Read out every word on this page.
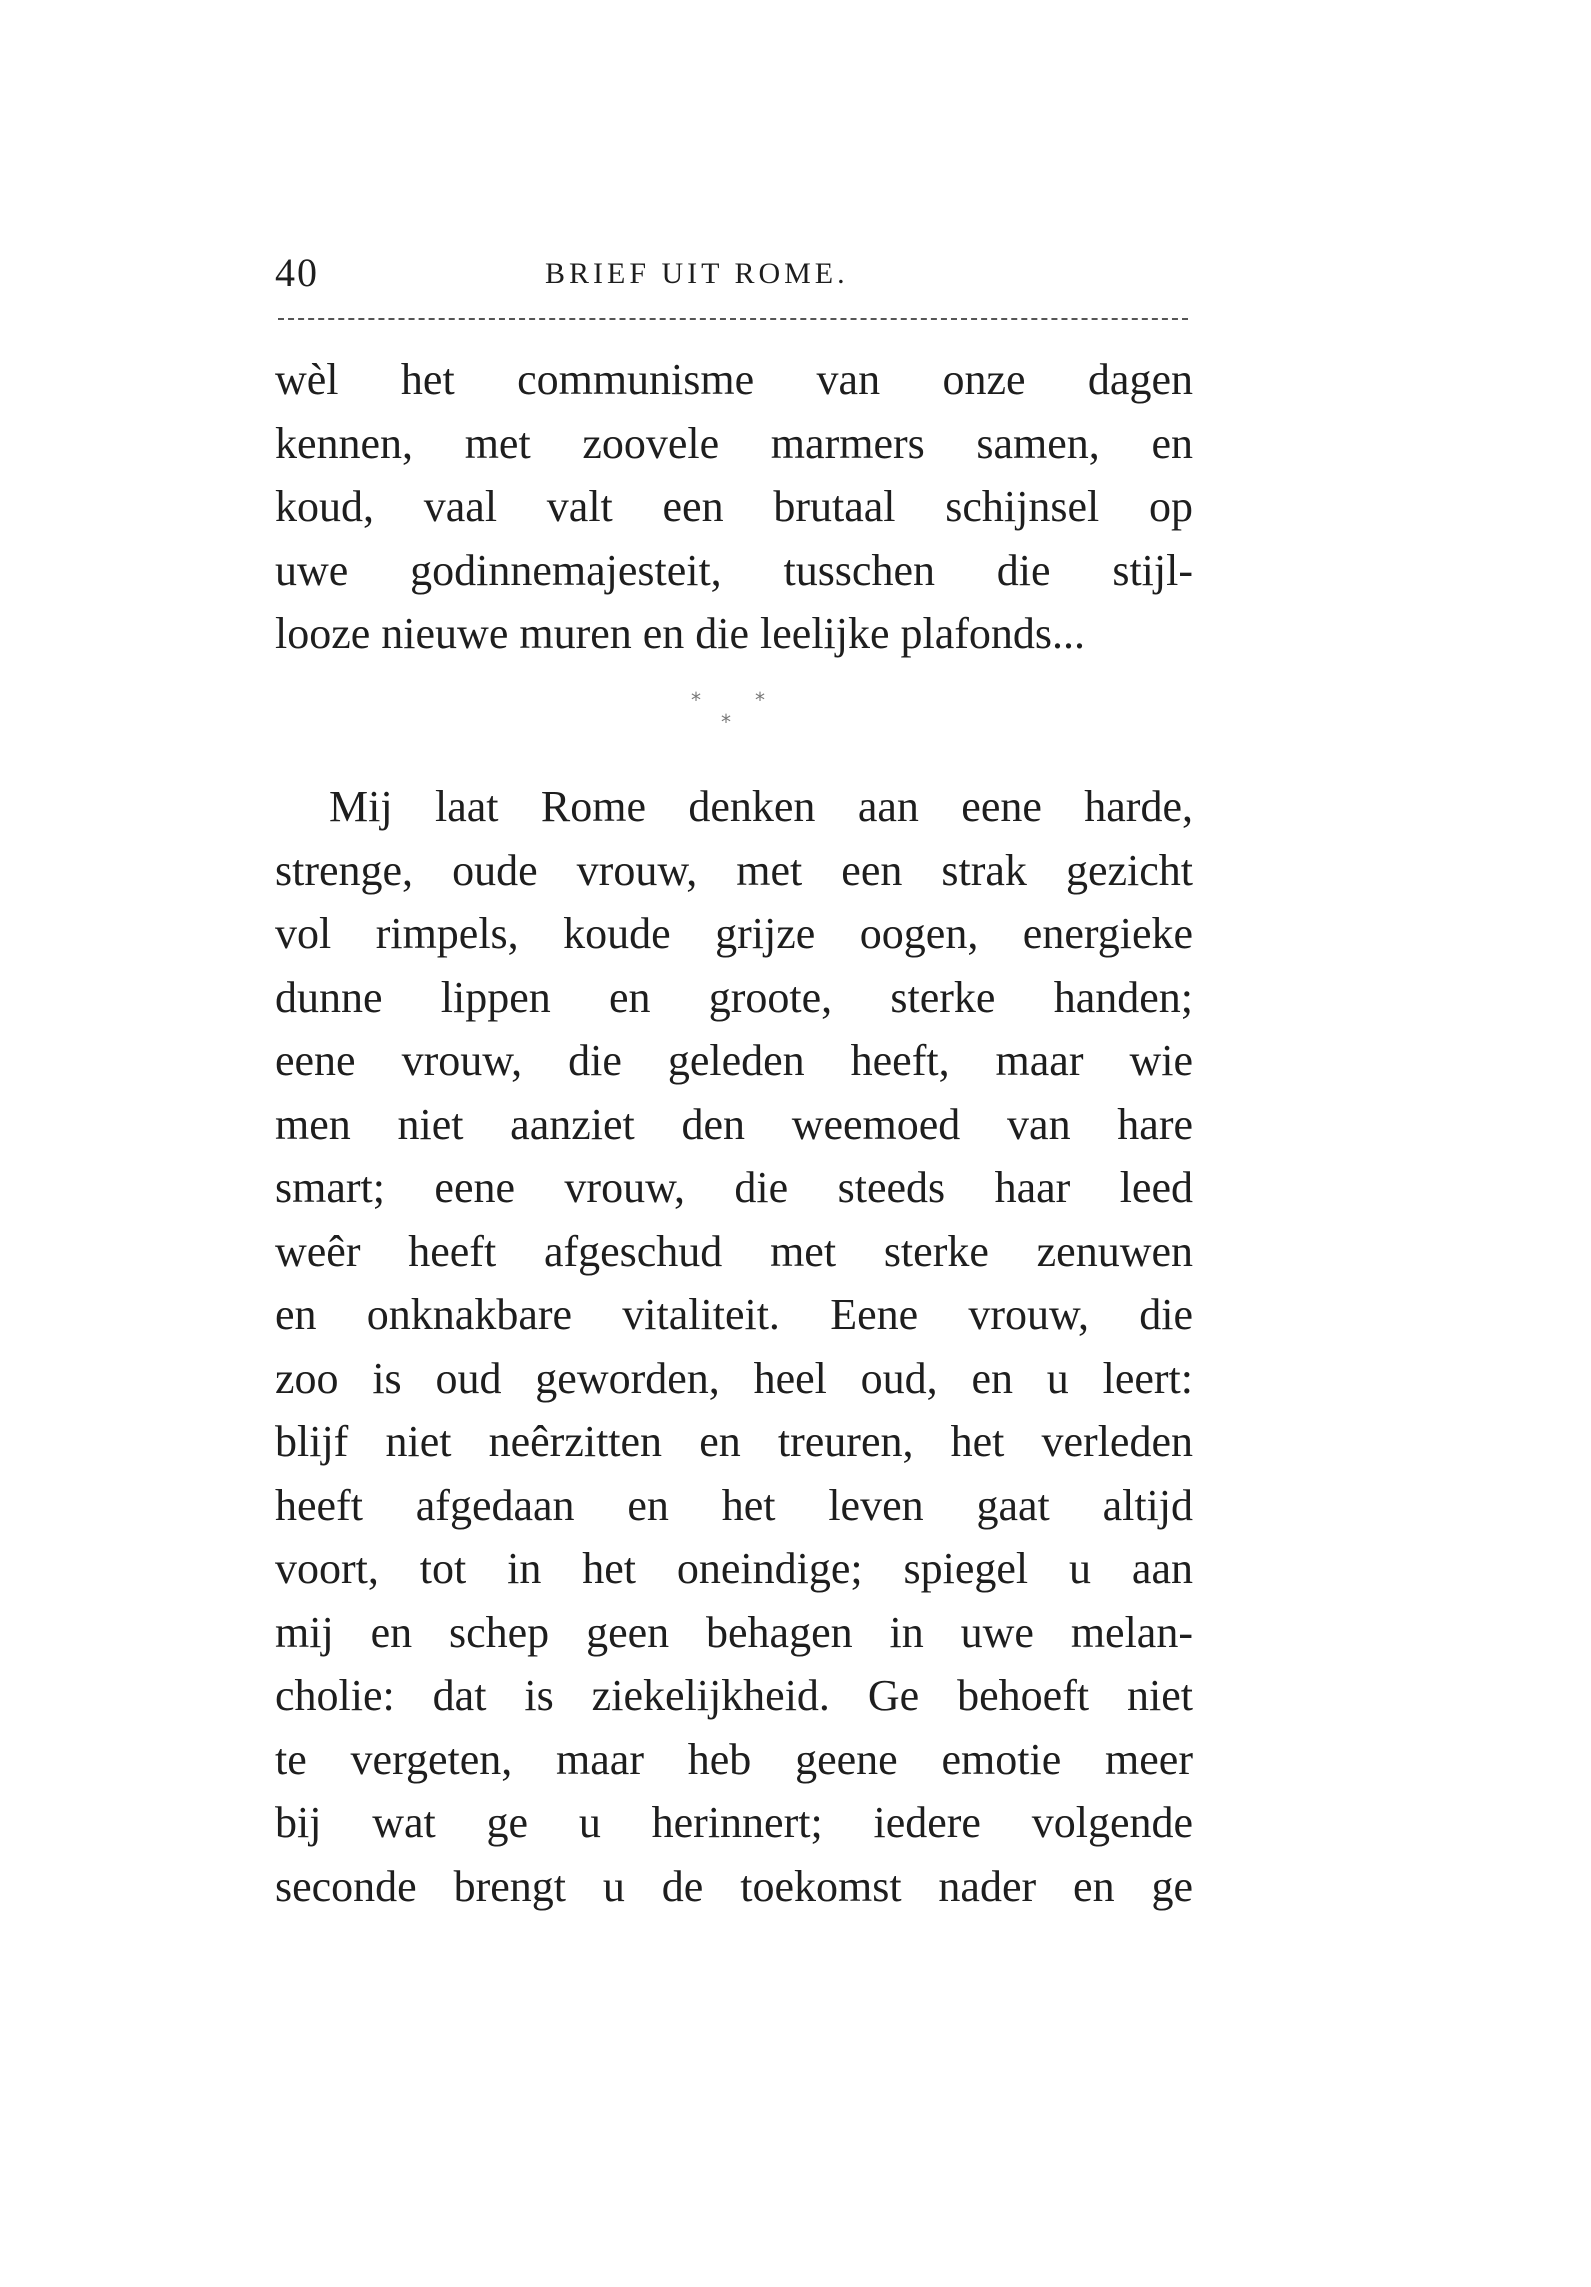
40	BRIEF UIT ROME.
wèl het communisme van onze dagen
kennen, met zoovele marmers samen, en
koud, vaal valt een brutaal schijnsel op
uwe godinnemajesteit, tusschen die stijl-
looze nieuwe muren en die leelijke plafonds...
*
*
*
Mij laat Rome denken aan eene harde,
strenge, oude vrouw, met een strak gezicht
vol rimpels, koude grijze oogen, energieke
dunne lippen en groote, sterke handen;
eene vrouw, die geleden heeft, maar wie
men niet aanziet den weemoed van hare
smart; eene vrouw, die steeds haar leed
weêr heeft afgeschud met sterke zenuwen
en onknakbare vitaliteit. Eene vrouw, die
zoo is oud geworden, heel oud, en u leert:
blijf niet neêrzitten en treuren, het verleden
heeft afgedaan en het leven gaat altijd
voort, tot in het oneindige; spiegel u aan
mij en schep geen behagen in uwe melan-
cholie: dat is ziekelijkheid. Ge behoeft niet
te vergeten, maar heb geene emotie meer
bij wat ge u herinnert; iedere volgende
seconde brengt u de toekomst nader en ge
